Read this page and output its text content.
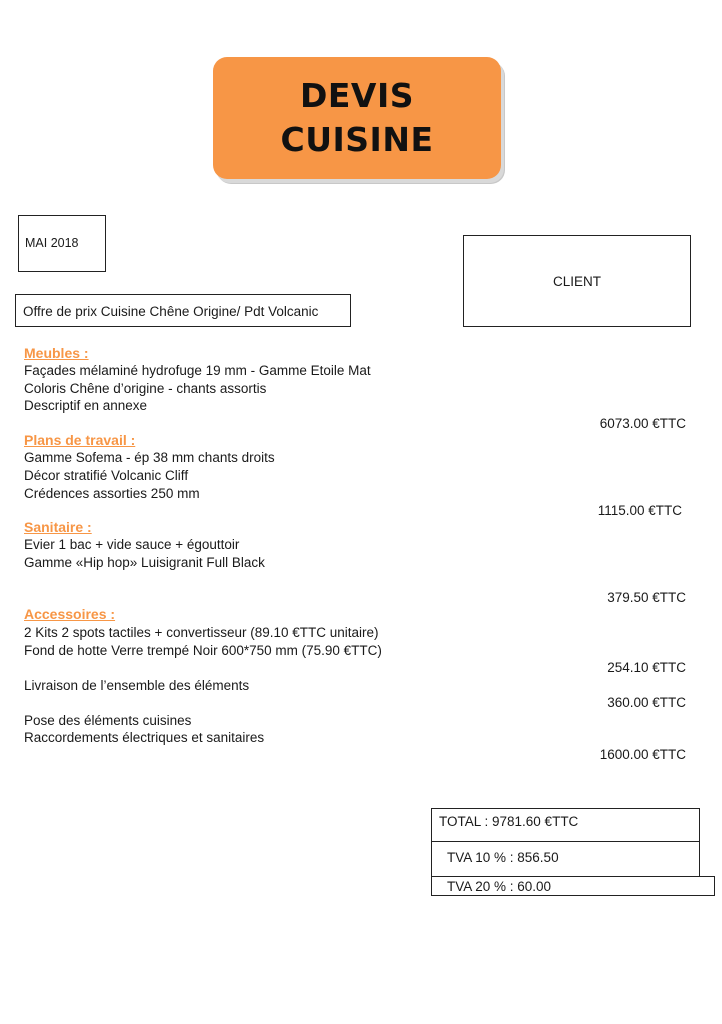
DEVIS
CUISINE
MAI 2018
CLIENT
Offre de prix Cuisine Chêne Origine/ Pdt Volcanic
Meubles :
Façades mélaminé hydrofuge 19 mm - Gamme Etoile Mat
Coloris Chêne d’origine - chants assortis
Descriptif en annexe
6073.00 €TTC
Plans de travail :
Gamme Sofema - ép 38 mm chants droits
Décor stratifié Volcanic Cliff
Crédences assorties 250 mm
1115.00 €TTC
Sanitaire :
Evier 1 bac + vide sauce + égouttoir
Gamme «Hip hop» Luisigranit Full Black
379.50 €TTC
Accessoires :
2 Kits 2 spots tactiles + convertisseur (89.10 €TTC unitaire)
Fond de hotte Verre trempé Noir 600*750 mm (75.90 €TTC)
254.10 €TTC
Livraison de l’ensemble des éléments
360.00 €TTC
Pose des éléments cuisines
Raccordements électriques et sanitaires
1600.00 €TTC
TOTAL : 9781.60 €TTC
TVA 10 % : 856.50
TVA 20 % : 60.00
